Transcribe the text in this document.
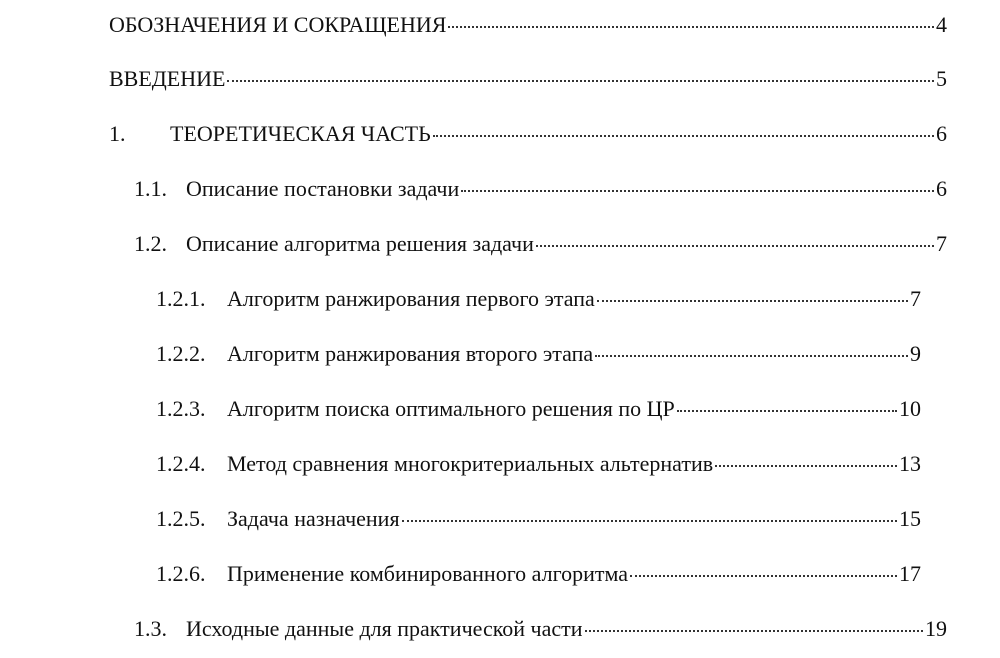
ОБОЗНАЧЕНИЯ И СОКРАЩЕНИЯ	4
ВВЕДЕНИЕ	5
1.	ТЕОРЕТИЧЕСКАЯ ЧАСТЬ	6
1.1. Описание постановки задачи	6
1.2. Описание алгоритма решения задачи	7
1.2.1. Алгоритм ранжирования первого этапа	7
1.2.2. Алгоритм ранжирования второго этапа	9
1.2.3. Алгоритм поиска оптимального решения по ЦР	10
1.2.4. Метод сравнения многокритериальных альтернатив	13
1.2.5. Задача назначения	15
1.2.6. Применение комбинированного алгоритма	17
1.3. Исходные данные для практической части	19
